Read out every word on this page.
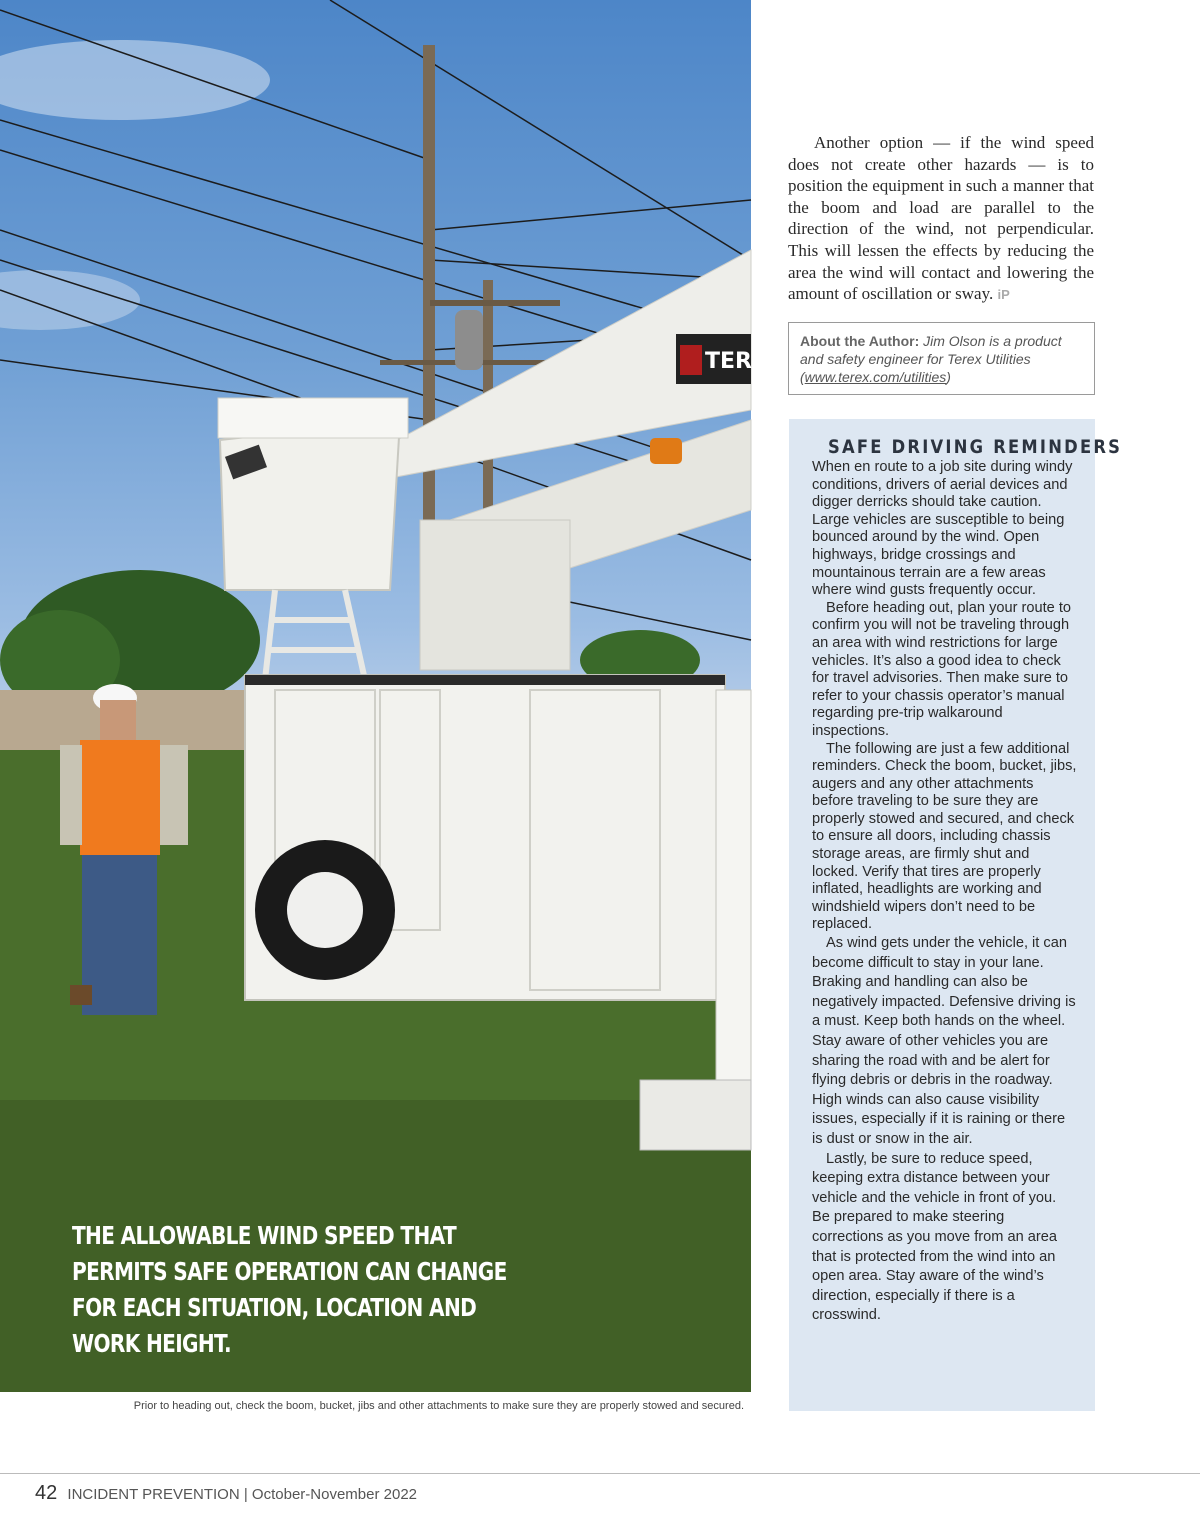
TEREX

THE ALLOWABLE WIND SPEED THAT PERMITS SAFE OPERATION CAN CHANGE FOR EACH SITUATION, LOCATION AND WORK HEIGHT.

Prior to heading out, check the boom, bucket, jibs and other attachments to make sure they are properly stowed and secured.

Another option — if the wind speed does not create other hazards — is to position the equipment in such a manner that the boom and load are parallel to the direction of the wind, not perpendicular. This will lessen the effects by reducing the area the wind will contact and lowering the amount of oscillation or sway. iP

About the Author: Jim Olson is a product and safety engineer for Terex Utilities (www.terex.com/utilities)
SAFE DRIVING REMINDERS

When en route to a job site during windy conditions, drivers of aerial devices and digger derricks should take caution. Large vehicles are susceptible to being bounced around by the wind. Open highways, bridge crossings and mountainous terrain are a few areas where wind gusts frequently occur.

Before heading out, plan your route to confirm you will not be traveling through an area with wind restrictions for large vehicles. It’s also a good idea to check for travel advisories. Then make sure to refer to your chassis operator’s manual regarding pre-trip walkaround inspections.

The following are just a few additional reminders. Check the boom, bucket, jibs, augers and any other attachments before traveling to be sure they are properly stowed and secured, and check to ensure all doors, including chassis storage areas, are firmly shut and locked. Verify that tires are properly inflated, headlights are working and windshield wipers don’t need to be replaced.

As wind gets under the vehicle, it can become difficult to stay in your lane. Braking and handling can also be negatively impacted. Defensive driving is a must. Keep both hands on the wheel. Stay aware of other vehicles you are sharing the road with and be alert for flying debris or debris in the roadway. High winds can also cause visibility issues, especially if it is raining or there is dust or snow in the air.

Lastly, be sure to reduce speed, keeping extra distance between your vehicle and the vehicle in front of you. Be prepared to make steering corrections as you move from an area that is protected from the wind into an open area. Stay aware of the wind’s direction, especially if there is a crosswind.

42 INCIDENT PREVENTION | October-November 2022
